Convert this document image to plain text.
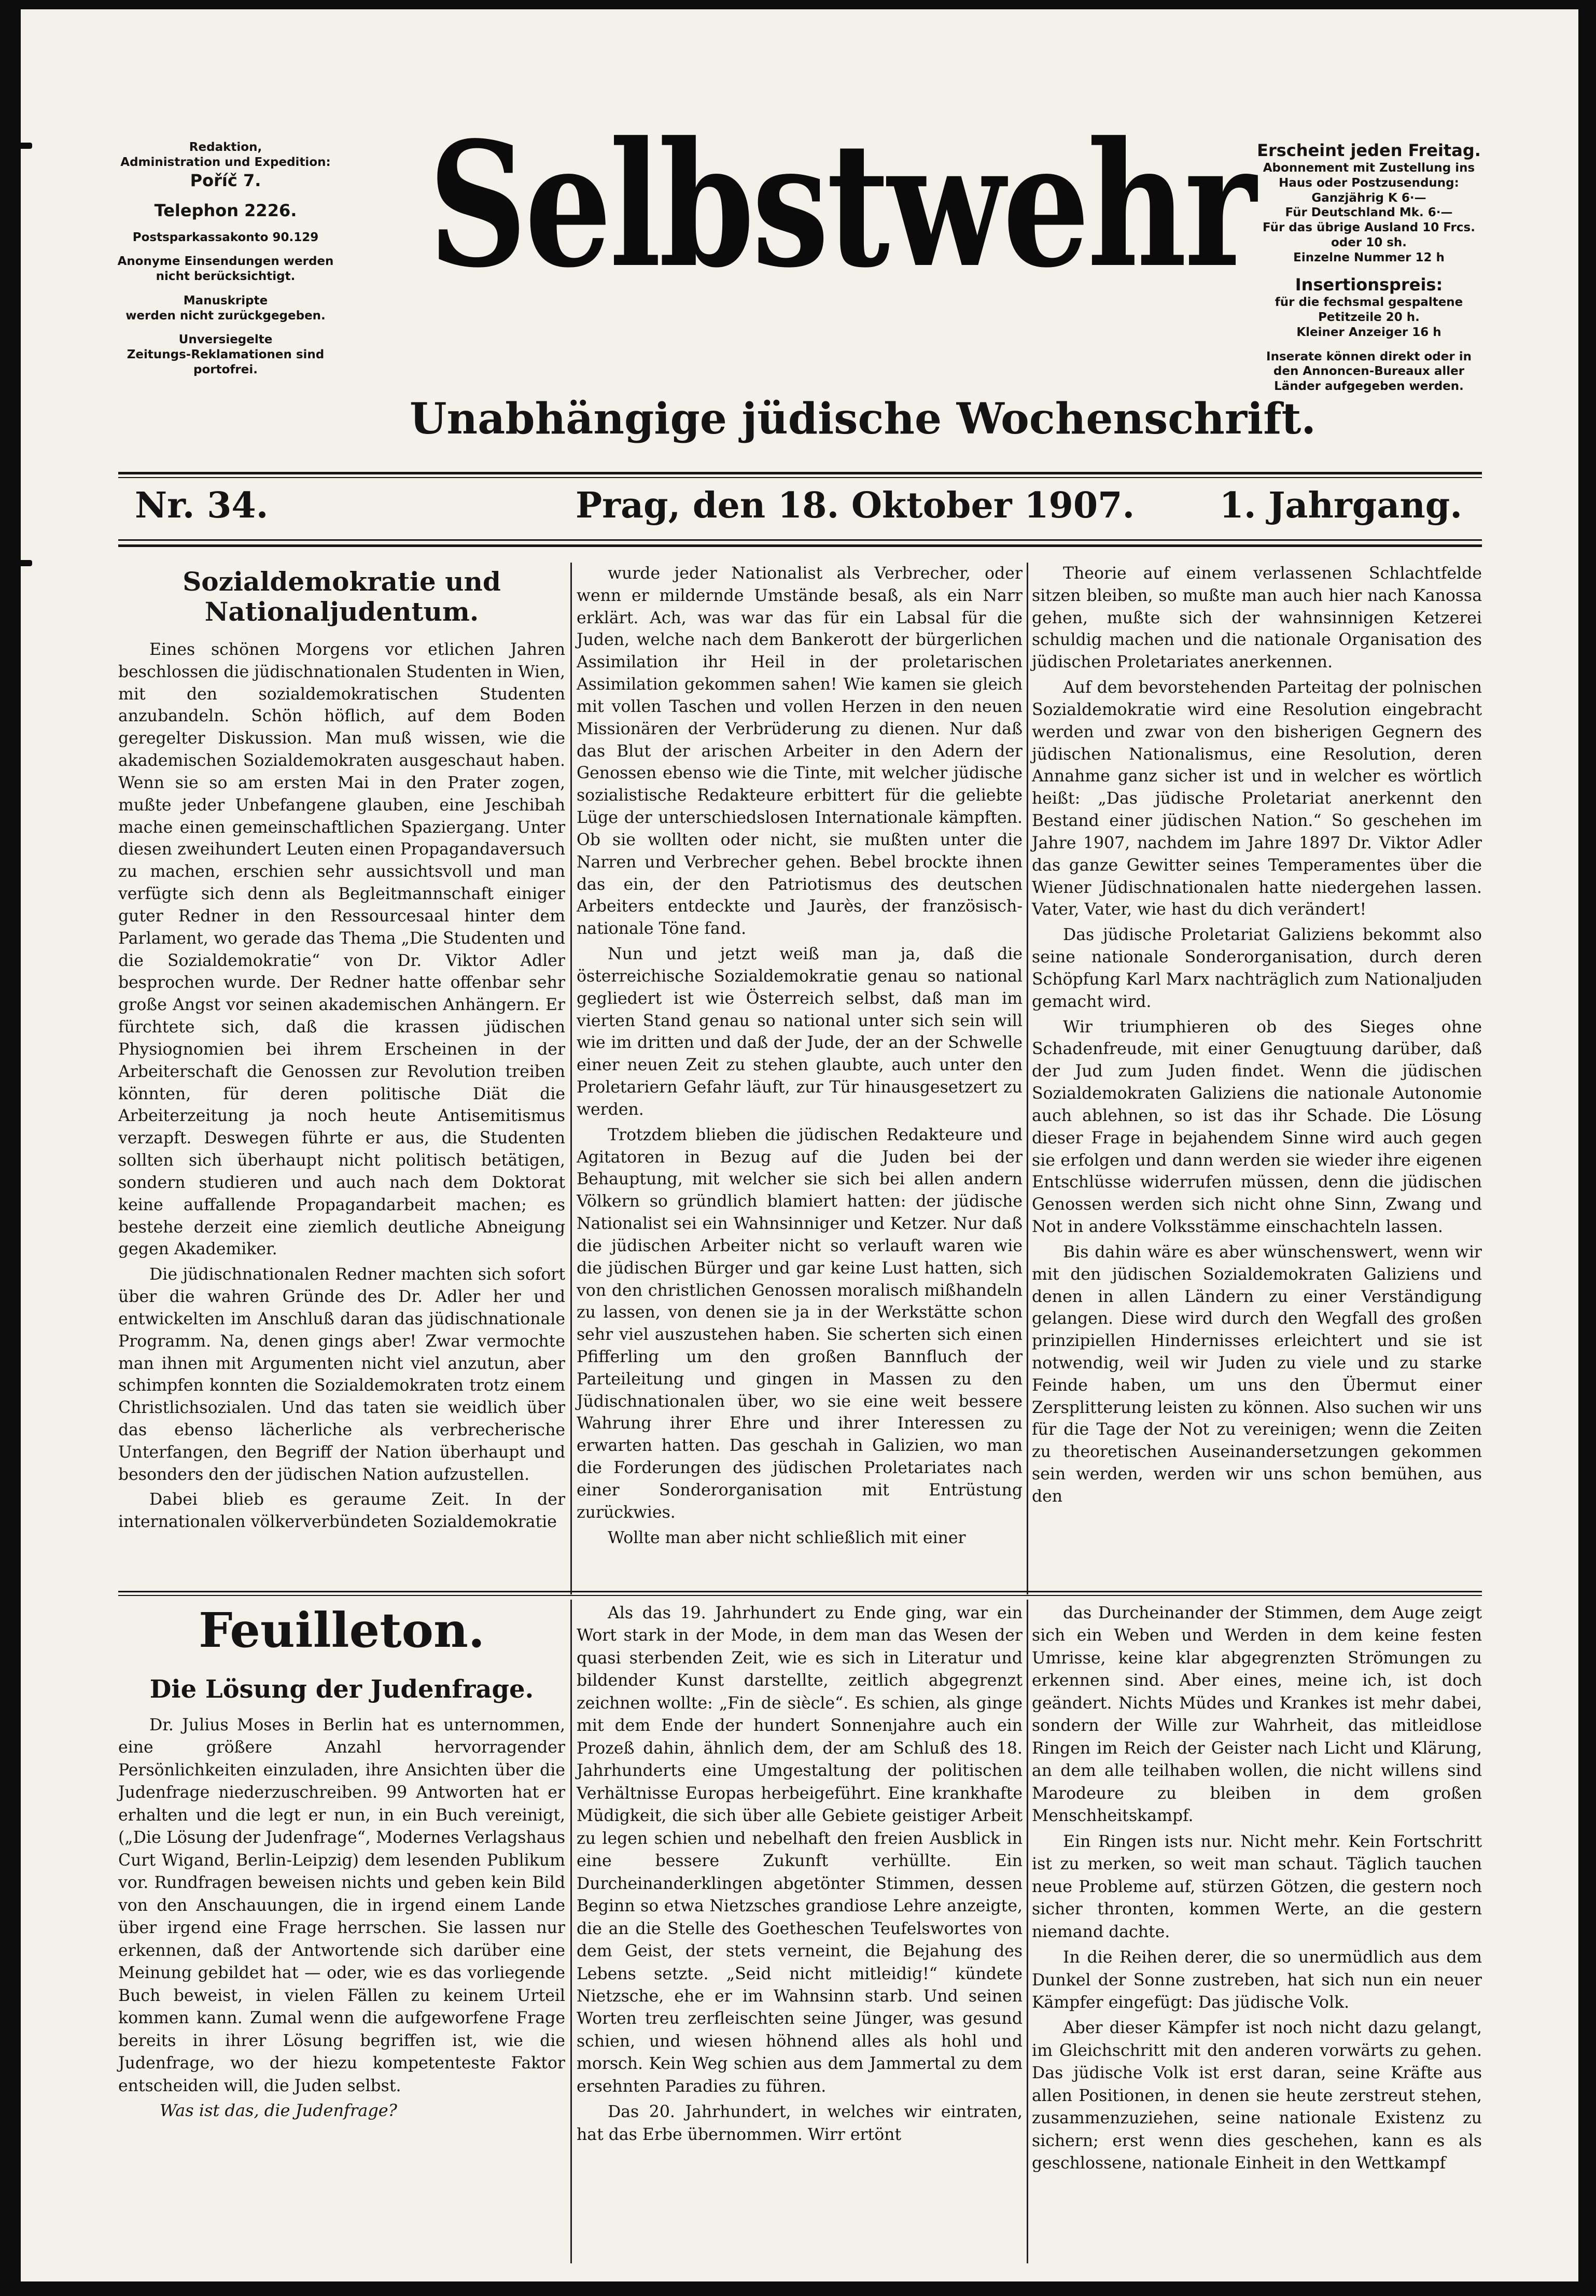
Redaktion,
Administration und Expedition:
Poříč 7.
Telephon 2226.
Postsparkassakonto 90.129
Anonyme Einsendungen werden
nicht berücksichtigt.
Manuskripte
werden nicht zurückgegeben.
Unversiegelte
Zeitungs-Reklamationen sind
portofrei.
Selbstwehr
Unabhängige jüdische Wochenschrift.
Erscheint jeden Freitag.
Abonnement mit Zustellung ins
Haus oder Postzusendung:
Ganzjährig K 6·—
Für Deutschland Mk. 6·—
Für das übrige Ausland 10 Frcs.
oder 10 sh.
Einzelne Nummer 12 h
Insertionspreis:
für die fechsmal gespaltene
Petitzeile 20 h.
Kleiner Anzeiger 16 h
Inserate können direkt oder in
den Annoncen-Bureaux aller
Länder aufgegeben werden.
Nr. 34.	Prag, den 18. Oktober 1907. 1. Jahrgang.
Sozialdemokratie und Nationaljudentum.

Eines schönen Morgens vor etlichen Jahren beschlossen die jüdischnationalen Studenten in Wien, mit den sozialdemokratischen Studenten anzubandeln. Schön höflich, auf dem Boden geregelter Diskussion. Man muß wissen, wie die akademischen Sozialdemokraten ausgeschaut haben. Wenn sie so am ersten Mai in den Prater zogen, mußte jeder Unbefangene glauben, eine Jeschibah mache einen gemeinschaftlichen Spaziergang. Unter diesen zweihundert Leuten einen Propagandaversuch zu machen, erschien sehr aussichtsvoll und man verfügte sich denn als Begleitmannschaft einiger guter Redner in den Ressourcesaal hinter dem Parlament, wo gerade das Thema „Die Studenten und die Sozialdemokratie“ von Dr. Viktor Adler besprochen wurde. Der Redner hatte offenbar sehr große Angst vor seinen akademischen Anhängern. Er fürchtete sich, daß die krassen jüdischen Physiognomien bei ihrem Erscheinen in der Arbeiterschaft die Genossen zur Revolution treiben könnten, für deren politische Diät die Arbeiterzeitung ja noch heute Antisemitismus verzapft. Deswegen führte er aus, die Studenten sollten sich überhaupt nicht politisch betätigen, sondern studieren und auch nach dem Doktorat keine auffallende Propagandarbeit machen; es bestehe derzeit eine ziemlich deutliche Abneigung gegen Akademiker.

Die jüdischnationalen Redner machten sich sofort über die wahren Gründe des Dr. Adler her und entwickelten im Anschluß daran das jüdischnationale Programm. Na, denen gings aber! Zwar vermochte man ihnen mit Argumenten nicht viel anzutun, aber schimpfen konnten die Sozialdemokraten trotz einem Christlichsozialen. Und das taten sie weidlich über das ebenso lächerliche als verbrecherische Unterfangen, den Begriff der Nation überhaupt und besonders den der jüdischen Nation aufzustellen.

Dabei blieb es geraume Zeit. In der internationalen völkerverbündeten Sozialdemokratie

wurde jeder Nationalist als Verbrecher, oder wenn er mildernde Umstände besaß, als ein Narr erklärt. Ach, was war das für ein Labsal für die Juden, welche nach dem Bankerott der bürgerlichen Assimilation ihr Heil in der proletarischen Assimilation gekommen sahen! Wie kamen sie gleich mit vollen Taschen und vollen Herzen in den neuen Missionären der Verbrüderung zu dienen. Nur daß das Blut der arischen Arbeiter in den Adern der Genossen ebenso wie die Tinte, mit welcher jüdische sozialistische Redakteure erbittert für die geliebte Lüge der unterschiedslosen Internationale kämpften. Ob sie wollten oder nicht, sie mußten unter die Narren und Verbrecher gehen. Bebel brockte ihnen das ein, der den Patriotismus des deutschen Arbeiters entdeckte und Jaurès, der französisch-nationale Töne fand.

Nun und jetzt weiß man ja, daß die österreichische Sozialdemokratie genau so national gegliedert ist wie Österreich selbst, daß man im vierten Stand genau so national unter sich sein will wie im dritten und daß der Jude, der an der Schwelle einer neuen Zeit zu stehen glaubte, auch unter den Proletariern Gefahr läuft, zur Tür hinausgesetzert zu werden.

Trotzdem blieben die jüdischen Redakteure und Agitatoren in Bezug auf die Juden bei der Behauptung, mit welcher sie sich bei allen andern Völkern so gründlich blamiert hatten: der jüdische Nationalist sei ein Wahnsinniger und Ketzer. Nur daß die jüdischen Arbeiter nicht so verlauft waren wie die jüdischen Bürger und gar keine Lust hatten, sich von den christlichen Genossen moralisch mißhandeln zu lassen, von denen sie ja in der Werkstätte schon sehr viel auszustehen haben. Sie scherten sich einen Pfifferling um den großen Bannfluch der Parteileitung und gingen in Massen zu den Jüdischnationalen über, wo sie eine weit bessere Wahrung ihrer Ehre und ihrer Interessen zu erwarten hatten. Das geschah in Galizien, wo man die Forderungen des jüdischen Proletariates nach einer Sonderorganisation mit Entrüstung zurückwies.

Wollte man aber nicht schließlich mit einer

Theorie auf einem verlassenen Schlachtfelde sitzen bleiben, so mußte man auch hier nach Kanossa gehen, mußte sich der wahnsinnigen Ketzerei schuldig machen und die nationale Organisation des jüdischen Proletariates anerkennen.

Auf dem bevorstehenden Parteitag der polnischen Sozialdemokratie wird eine Resolution eingebracht werden und zwar von den bisherigen Gegnern des jüdischen Nationalismus, eine Resolution, deren Annahme ganz sicher ist und in welcher es wörtlich heißt: „Das jüdische Proletariat anerkennt den Bestand einer jüdischen Nation.“ So geschehen im Jahre 1907, nachdem im Jahre 1897 Dr. Viktor Adler das ganze Gewitter seines Temperamentes über die Wiener Jüdischnationalen hatte niedergehen lassen. Vater, Vater, wie hast du dich verändert!

Das jüdische Proletariat Galiziens bekommt also seine nationale Sonderorganisation, durch deren Schöpfung Karl Marx nachträglich zum Nationaljuden gemacht wird.

Wir triumphieren ob des Sieges ohne Schadenfreude, mit einer Genugtuung darüber, daß der Jud zum Juden findet. Wenn die jüdischen Sozialdemokraten Galiziens die nationale Autonomie auch ablehnen, so ist das ihr Schade. Die Lösung dieser Frage in bejahendem Sinne wird auch gegen sie erfolgen und dann werden sie wieder ihre eigenen Entschlüsse widerrufen müssen, denn die jüdischen Genossen werden sich nicht ohne Sinn, Zwang und Not in andere Volksstämme einschachteln lassen.

Bis dahin wäre es aber wünschenswert, wenn wir mit den jüdischen Sozialdemokraten Galiziens und denen in allen Ländern zu einer Verständigung gelangen. Diese wird durch den Wegfall des großen prinzipiellen Hindernisses erleichtert und sie ist notwendig, weil wir Juden zu viele und zu starke Feinde haben, um uns den Übermut einer Zersplitterung leisten zu können. Also suchen wir uns für die Tage der Not zu vereinigen; wenn die Zeiten zu theoretischen Auseinandersetzungen gekommen sein werden, werden wir uns schon bemühen, aus den

Feuilleton.
Die Lösung der Judenfrage.

Dr. Julius Moses in Berlin hat es unternommen, eine größere Anzahl hervorragender Persönlichkeiten einzuladen, ihre Ansichten über die Judenfrage niederzuschreiben. 99 Antworten hat er erhalten und die legt er nun, in ein Buch vereinigt, („Die Lösung der Judenfrage“, Modernes Verlagshaus Curt Wigand, Berlin-Leipzig) dem lesenden Publikum vor. Rundfragen beweisen nichts und geben kein Bild von den Anschauungen, die in irgend einem Lande über irgend eine Frage herrschen. Sie lassen nur erkennen, daß der Antwortende sich darüber eine Meinung gebildet hat — oder, wie es das vorliegende Buch beweist, in vielen Fällen zu keinem Urteil kommen kann. Zumal wenn die aufgeworfene Frage bereits in ihrer Lösung begriffen ist, wie die Judenfrage, wo der hiezu kompetenteste Faktor entscheiden will, die Juden selbst.

Was ist das, die Judenfrage?

Als das 19. Jahrhundert zu Ende ging, war ein Wort stark in der Mode, in dem man das Wesen der quasi sterbenden Zeit, wie es sich in Literatur und bildender Kunst darstellte, zeitlich abgegrenzt zeichnen wollte: „Fin de siècle“. Es schien, als ginge mit dem Ende der hundert Sonnenjahre auch ein Prozeß dahin, ähnlich dem, der am Schluß des 18. Jahrhunderts eine Umgestaltung der politischen Verhältnisse Europas herbeigeführt. Eine krankhafte Müdigkeit, die sich über alle Gebiete geistiger Arbeit zu legen schien und nebelhaft den freien Ausblick in eine bessere Zukunft verhüllte. Ein Durcheinanderklingen abgetönter Stimmen, dessen Beginn so etwa Nietzsches grandiose Lehre anzeigte, die an die Stelle des Goetheschen Teufelswortes von dem Geist, der stets verneint, die Bejahung des Lebens setzte. „Seid nicht mitleidig!“ kündete Nietzsche, ehe er im Wahnsinn starb. Und seinen Worten treu zerfleischten seine Jünger, was gesund schien, und wiesen höhnend alles als hohl und morsch. Kein Weg schien aus dem Jammertal zu dem ersehnten Paradies zu führen.

Das 20. Jahrhundert, in welches wir eintraten, hat das Erbe übernommen. Wirr ertönt

das Durcheinander der Stimmen, dem Auge zeigt sich ein Weben und Werden in dem keine festen Umrisse, keine klar abgegrenzten Strömungen zu erkennen sind. Aber eines, meine ich, ist doch geändert. Nichts Müdes und Krankes ist mehr dabei, sondern der Wille zur Wahrheit, das mitleidlose Ringen im Reich der Geister nach Licht und Klärung, an dem alle teilhaben wollen, die nicht willens sind Marodeure zu bleiben in dem großen Menschheitskampf.

Ein Ringen ists nur. Nicht mehr. Kein Fortschritt ist zu merken, so weit man schaut. Täglich tauchen neue Probleme auf, stürzen Götzen, die gestern noch sicher thronten, kommen Werte, an die gestern niemand dachte.

In die Reihen derer, die so unermüdlich aus dem Dunkel der Sonne zustreben, hat sich nun ein neuer Kämpfer eingefügt: Das jüdische Volk.

Aber dieser Kämpfer ist noch nicht dazu gelangt, im Gleichschritt mit den anderen vorwärts zu gehen. Das jüdische Volk ist erst daran, seine Kräfte aus allen Positionen, in denen sie heute zerstreut stehen, zusammenzuziehen, seine nationale Existenz zu sichern; erst wenn dies geschehen, kann es als geschlossene, nationale Einheit in den Wettkampf
